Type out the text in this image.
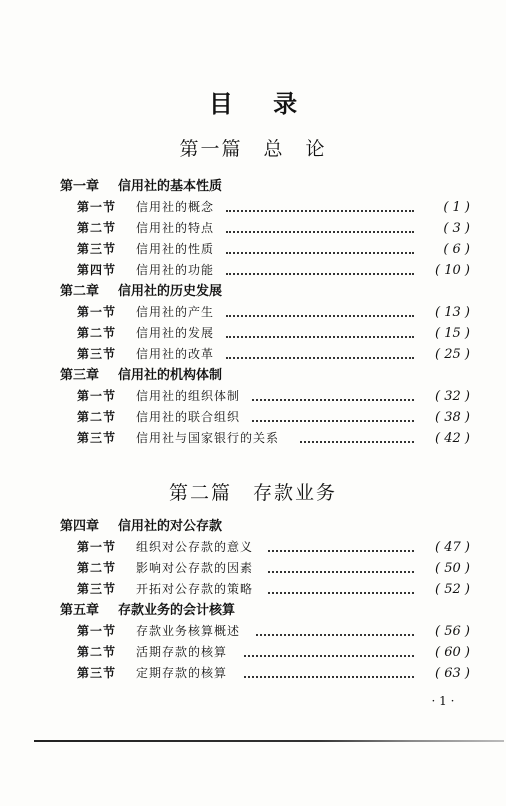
目 录
第一篇　总　论
第一章 信用社的基本性质
第一节 信用社的概念	( 1 )
第二节 信用社的特点	( 3 )
第三节 信用社的性质	( 6 )
第四节 信用社的功能	( 10 )
第二章 信用社的历史发展
第一节 信用社的产生	( 13 )
第二节 信用社的发展	( 15 )
第三节 信用社的改革	( 25 )
第三章 信用社的机构体制
第一节 信用社的组织体制	( 32 )
第二节 信用社的联合组织	( 38 )
第三节 信用社与国家银行的关系	( 42 )
第二篇　存款业务
第四章 信用社的对公存款
第一节 组织对公存款的意义	( 47 )
第二节 影响对公存款的因素	( 50 )
第三节 开拓对公存款的策略	( 52 )
第五章 存款业务的会计核算
第一节 存款业务核算概述	( 56 )
第二节 活期存款的核算	( 60 )
第三节 定期存款的核算	( 63 )
· 1 ·
